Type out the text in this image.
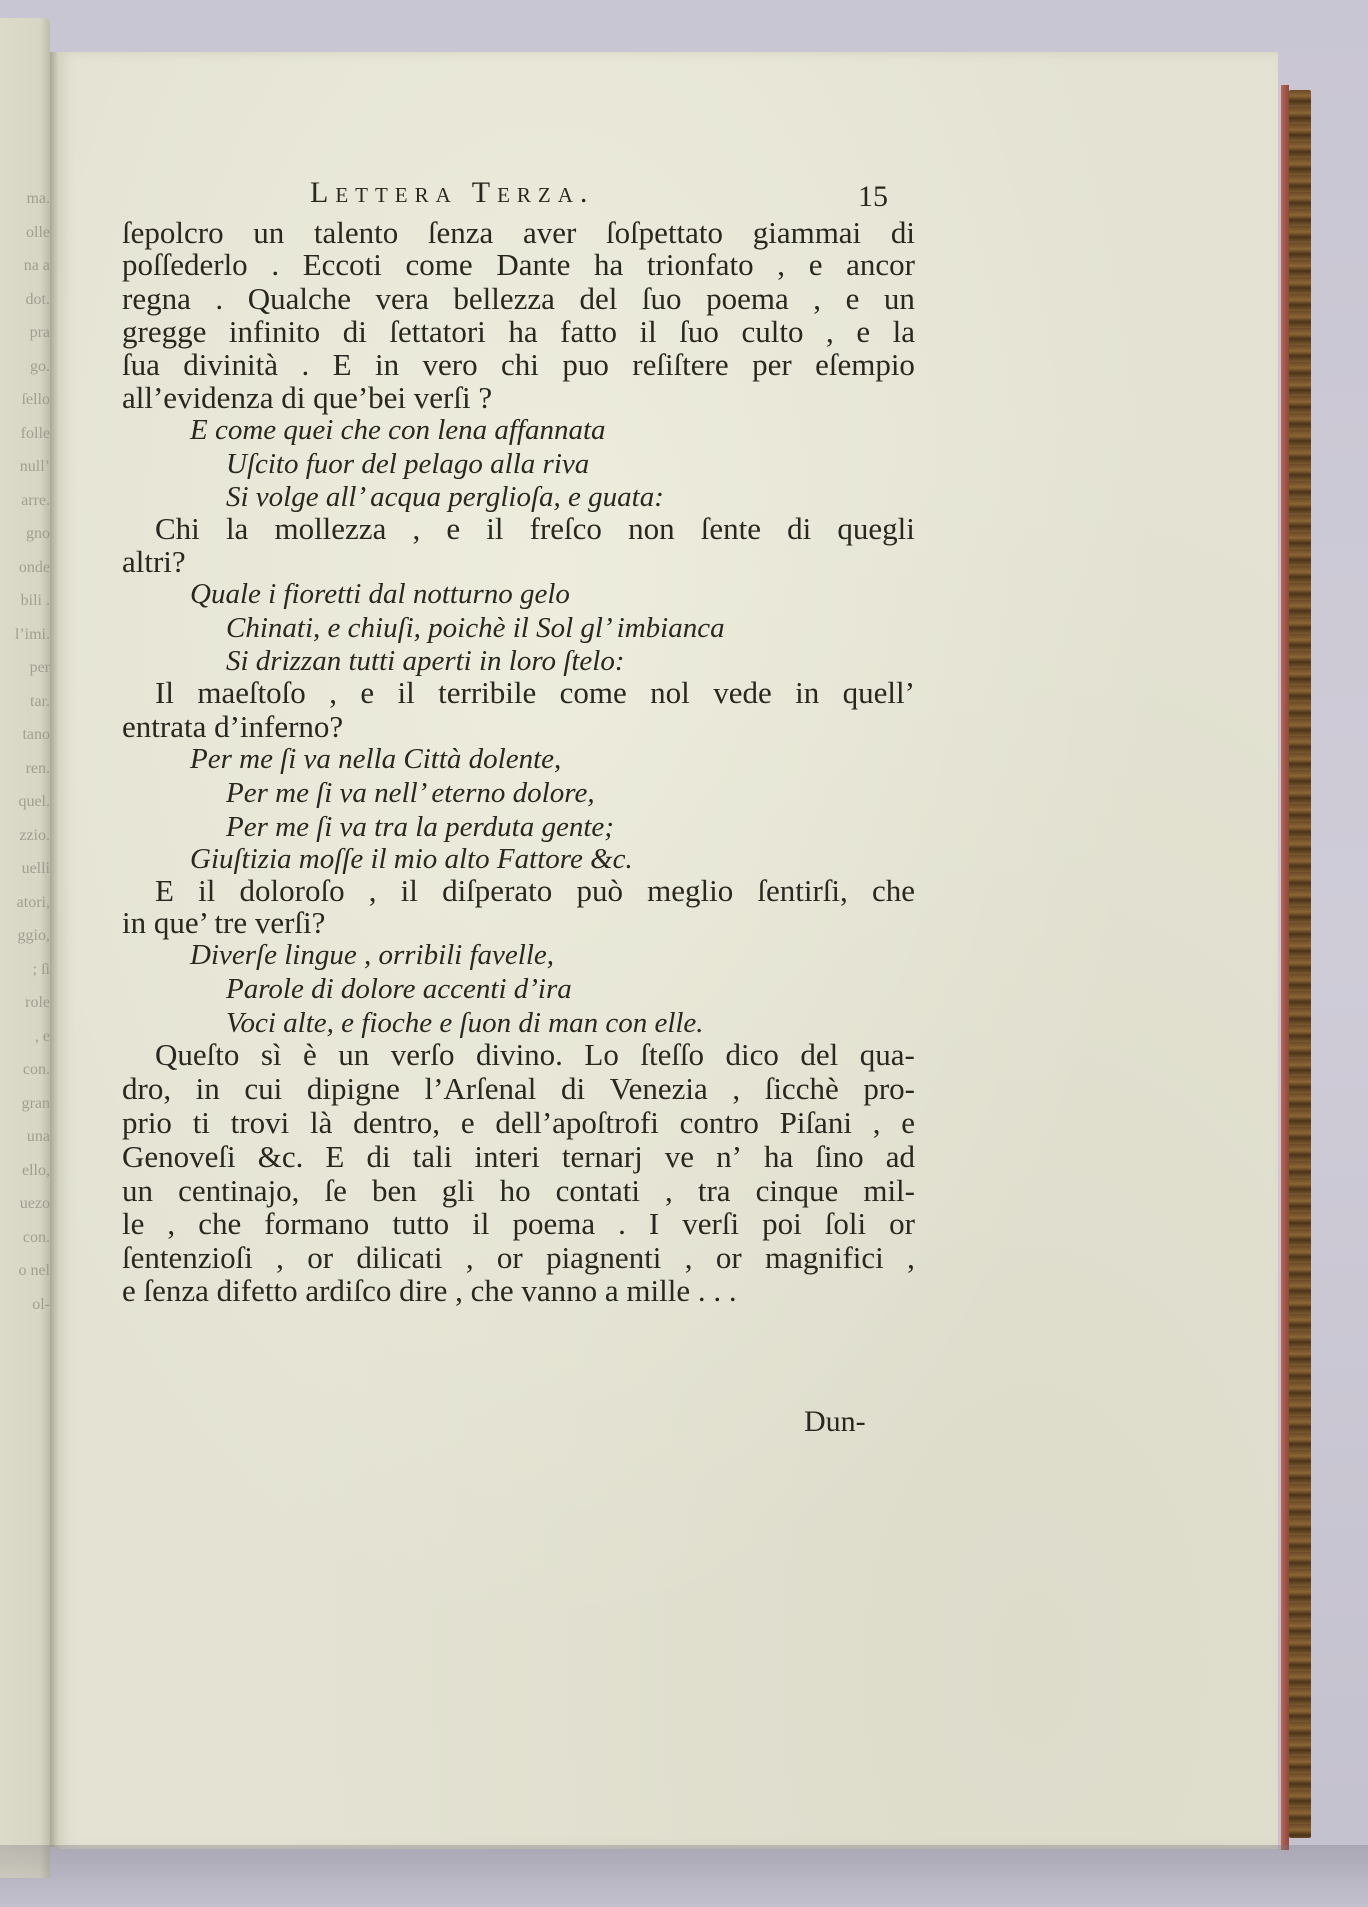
ma.
olle
na a
dot.
pra
go.
ſello
folle
null’
arre.
gno
onde
bili .
l’imi.
per
tar.
tano
ren.
quel.
zzio.
uelli
atori,
ggio,
; ſi
role
, e
con.
gran
una
ello,
uezo
con.
o nel
ol-
Lettera Terza.	15
ſepolcro un talento ſenza aver ſoſpettato giammai di
poſſederlo . Eccoti come Dante ha trionfato , e ancor
regna . Qualche vera bellezza del ſuo poema , e un
gregge infinito di ſettatori ha fatto il ſuo culto , e la
ſua divinità . E in vero chi puo reſiſtere per eſempio
all’evidenza di que’bei verſi ?
E come quei che con lena affannata
Uſcito fuor del pelago alla riva
Si volge all’ acqua perglioſa, e guata:
Chi la mollezza , e il freſco non ſente di quegli
altri?
Quale i fioretti dal notturno gelo
Chinati, e chiuſi, poichè il Sol gl’ imbianca
Si drizzan tutti aperti in loro ſtelo:
Il maeſtoſo , e il terribile come nol vede in quell’
entrata d’inferno?
Per me ſi va nella Città dolente,
Per me ſi va nell’ eterno dolore,
Per me ſi va tra la perduta gente;
Giuſtizia moſſe il mio alto Fattore &c.
E il doloroſo , il diſperato può meglio ſentirſi, che
in que’ tre verſi?
Diverſe lingue , orribili favelle,
Parole di dolore accenti d’ira
Voci alte, e fioche e ſuon di man con elle.
Queſto sì è un verſo divino. Lo ſteſſo dico del qua-
dro, in cui dipigne l’Arſenal di Venezia , ſicchè pro-
prio ti trovi là dentro, e dell’apoſtrofi contro Piſani , e
Genoveſi &c. E di tali interi ternarj ve n’ ha ſino ad
un centinajo, ſe ben gli ho contati , tra cinque mil-
le , che formano tutto il poema . I verſi poi ſoli or
ſentenzioſi , or dilicati , or piagnenti , or magnifici ,
e ſenza difetto ardiſco dire , che vanno a mille . . .
Dun-
